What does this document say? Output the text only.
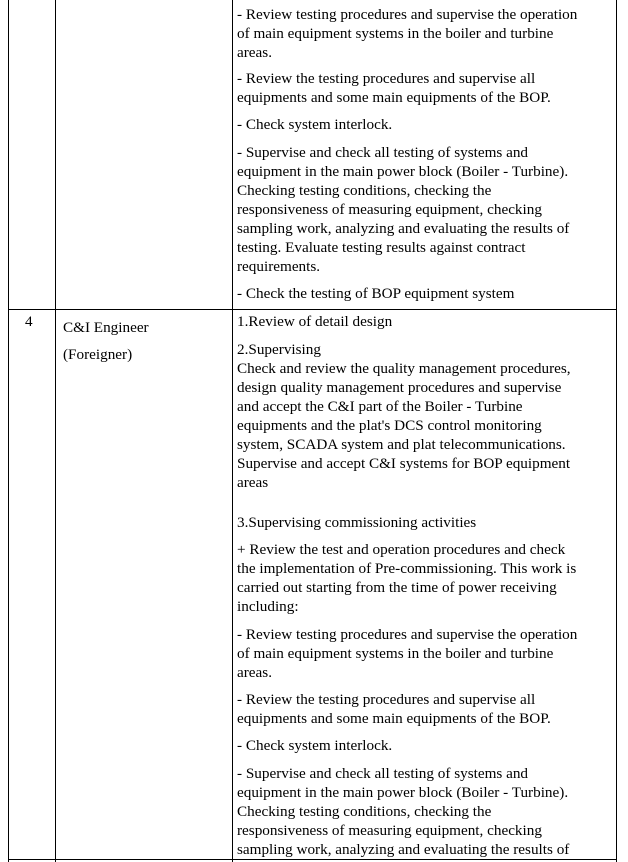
- Review testing procedures and supervise the operation
of main equipment systems in the boiler and turbine
areas.
- Review the testing procedures and supervise all
equipments and some main equipments of the BOP.
- Check system interlock.
- Supervise and check all testing of systems and
equipment in the main power block (Boiler - Turbine).
Checking testing conditions, checking the
responsiveness of measuring equipment, checking
sampling work, analyzing and evaluating the results of
testing. Evaluate testing results against contract
requirements.
- Check the testing of BOP equipment system
4 C&I Engineer
(Foreigner)
1.Review of detail design
2.Supervising
Check and review the quality management procedures,
design quality management procedures and supervise
and accept the C&I part of the Boiler - Turbine
equipments and the plat's DCS control monitoring
system, SCADA system and plat telecommunications.
Supervise and accept C&I systems for BOP equipment
areas
3.Supervising commissioning activities
+ Review the test and operation procedures and check
the implementation of Pre-commissioning. This work is
carried out starting from the time of power receiving
including:
- Review testing procedures and supervise the operation
of main equipment systems in the boiler and turbine
areas.
- Review the testing procedures and supervise all
equipments and some main equipments of the BOP.
- Check system interlock.
- Supervise and check all testing of systems and
equipment in the main power block (Boiler - Turbine).
Checking testing conditions, checking the
responsiveness of measuring equipment, checking
sampling work, analyzing and evaluating the results of
